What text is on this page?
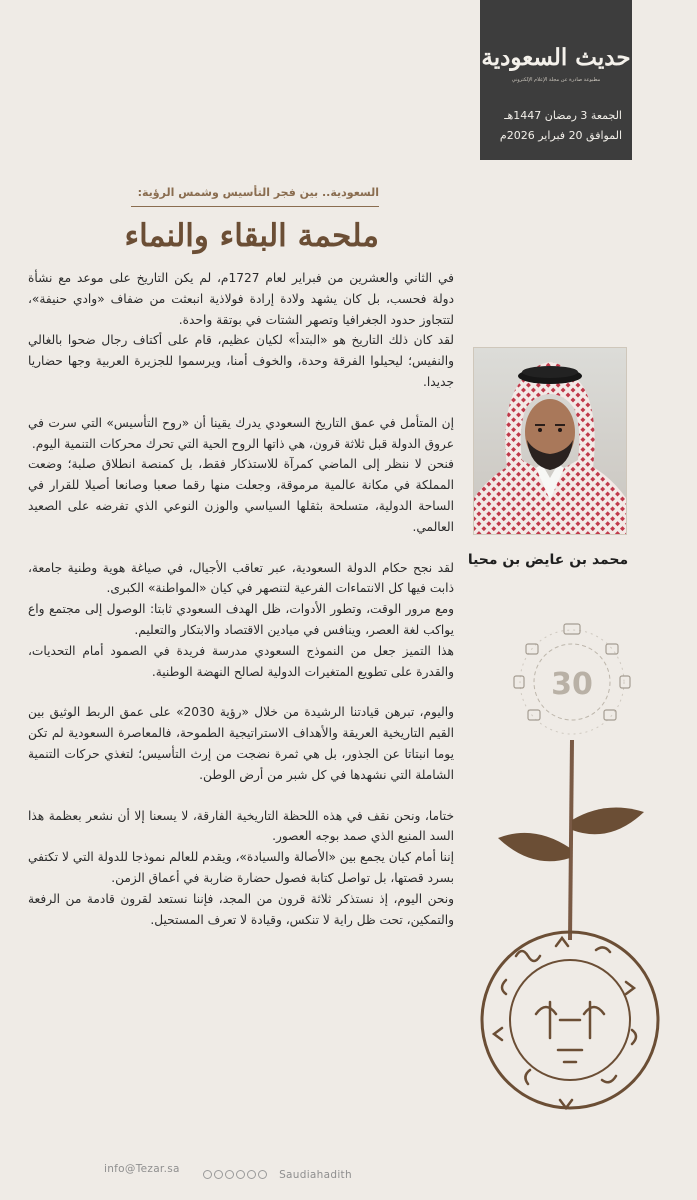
حديث السعودية
مطبوعة صادرة عن مجلة الإعلام الإلكتروني
الجمعة 3 رمضان 1447هـ
الموافق 20 فبراير 2026م
السعودية.. بين فجر التأسيس وشمس الرؤية:
ملحمة البقاء والنماء

في الثاني والعشرين من فبراير لعام 1727م، لم يكن التاريخ على موعد مع نشأة دولة فحسب، بل كان يشهد ولادة إرادة فولاذية انبعثت من ضفاف «وادي حنيفة»، لتتجاوز حدود الجغرافيا وتصهر الشتات في بوتقة واحدة.

لقد كان ذلك التاريخ هو «البتدأ» لكيان عظيم، قام على أكتاف رجال ضحوا بالغالي والنفيس؛ ليحيلوا الفرقة وحدة، والخوف أمنا، ويرسموا للجزيرة العربية وجها حضاريا جديدا.

إن المتأمل في عمق التاريخ السعودي يدرك يقينا أن «روح التأسيس» التي سرت في عروق الدولة قبل ثلاثة قرون، هي ذاتها الروح الحية التي تحرك محركات التنمية اليوم.

فنحن لا ننظر إلى الماضي كمرآة للاستذكار فقط، بل كمنصة انطلاق صلبة؛ وضعت المملكة في مكانة عالمية مرموقة، وجعلت منها رقما صعبا وصانعا أصيلا للقرار في الساحة الدولية، متسلحة بثقلها السياسي والوزن النوعي الذي تفرضه على الصعيد العالمي.

لقد نجح حكام الدولة السعودية، عبر تعاقب الأجيال، في صياغة هوية وطنية جامعة، ذابت فيها كل الانتماءات الفرعية لتنصهر في كيان «المواطنة» الكبرى.

ومع مرور الوقت، وتطور الأدوات، ظل الهدف السعودي ثابتا: الوصول إلى مجتمع واع يواكب لغة العصر، وينافس في ميادين الاقتصاد والابتكار والتعليم.

هذا التميز جعل من النموذج السعودي مدرسة فريدة في الصمود أمام التحديات، والقدرة على تطويع المتغيرات الدولية لصالح النهضة الوطنية.

واليوم، تبرهن قيادتنا الرشيدة من خلال «رؤية 2030» على عمق الربط الوثيق بين القيم التاريخية العريقة والأهداف الاستراتيجية الطموحة، فالمعاصرة السعودية لم تكن يوما انبتاتا عن الجذور، بل هي ثمرة نضجت من إرث التأسيس؛ لتغذي حركات التنمية الشاملة التي نشهدها في كل شبر من أرض الوطن.

ختاما، ونحن نقف في هذه اللحظة التاريخية الفارقة، لا يسعنا إلا أن نشعر بعظمة هذا السد المنيع الذي صمد بوجه العصور.

إننا أمام كيان يجمع بين «الأصالة والسيادة»، ويقدم للعالم نموذجا للدولة التي لا تكتفي بسرد قصتها، بل تواصل كتابة فصول حضارة ضاربة في أعماق الزمن.

ونحن اليوم، إذ نستذكر ثلاثة قرون من المجد، فإننا نستعد لقرون قادمة من الرفعة والتمكين، تحت ظل راية لا تنكس، وقيادة لا تعرف المستحيل.

محمد بن عايض بن محيا
30
info@Tezar.sa	Saudiahadith
